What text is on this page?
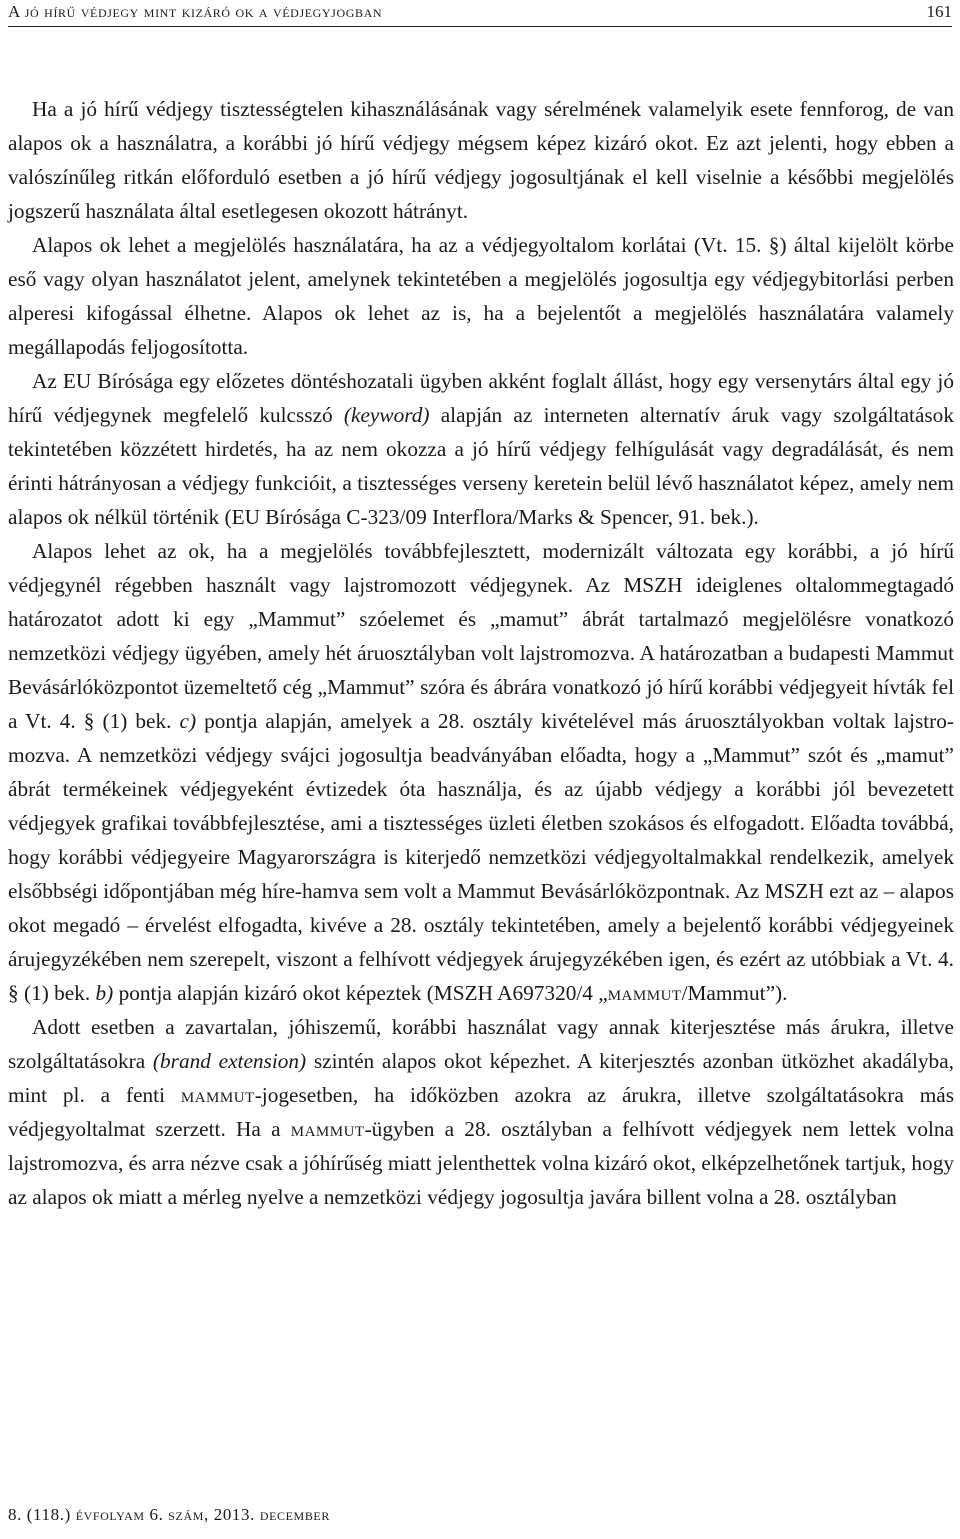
A jó hírű védjegy mint kizáró ok a védjegyjogban	161

Ha a jó hírű védjegy tisztességtelen kihasználásának vagy sérelmének valamelyik esete fennforog, de van alapos ok a használatra, a korábbi jó hírű védjegy mégsem képez kizáró okot. Ez azt jelenti, hogy ebben a valószínűleg ritkán előforduló esetben a jó hírű védjegy jogosultjának el kell viselnie a későbbi megjelölés jogszerű használata által esetlegesen okozott hátrányt.

Alapos ok lehet a megjelölés használatára, ha az a védjegyoltalom korlátai (Vt. 15. §) által kijelölt körbe eső vagy olyan használatot jelent, amelynek tekintetében a megjelölés jogosultja egy védjegybitorlási perben alperesi kifogással élhetne. Alapos ok lehet az is, ha a bejelentőt a megjelölés használatára valamely megállapodás feljogosította.

Az EU Bírósága egy előzetes döntéshozatali ügyben akként foglalt állást, hogy egy versenytárs által egy jó hírű védjegynek megfelelő kulcsszó (keyword) alapján az interneten alternatív áruk vagy szolgáltatások tekintetében közzétett hirdetés, ha az nem okozza a jó hírű védjegy felhígulását vagy degradálását, és nem érinti hátrányosan a védjegy funkcióit, a tisztességes verseny keretein belül lévő használatot képez, amely nem alapos ok nélkül történik (EU Bírósága C-323/09 Interflora/Marks & Spencer, 91. bek.).

Alapos lehet az ok, ha a megjelölés továbbfejlesztett, modernizált változata egy korábbi, a jó hírű védjegynél régebben használt vagy lajstromozott védjegynek. Az MSZH ideiglenes oltalommegtagadó határozatot adott ki egy „Mammut” szóelemet és „mamut” ábrát tartalmazó megjelölésre vonatkozó nemzetközi védjegy ügyében, amely hét áruosztályban volt lajstromozva. A határozatban a budapesti Mammut Bevásárlóközpontot üzemeltető cég „Mammut” szóra és ábrára vonatkozó jó hírű korábbi védjegyeit hívták fel a Vt. 4. § (1) bek. c) pontja alapján, amelyek a 28. osztály kivételével más áruosztályokban voltak lajstromozva. A nemzetközi védjegy svájci jogosultja beadványában előadta, hogy a „Mammut” szót és „mamut” ábrát termékeinek védjegyeként évtizedek óta használja, és az újabb védjegy a korábbi jól bevezetett védjegyek grafikai továbbfejlesztése, ami a tisztességes üzleti életben szokásos és elfogadott. Előadta továbbá, hogy korábbi védjegyeire Magyarországra is kiterjedő nemzetközi védjegyoltalmakkal rendelkezik, amelyek elsőbbségi időpontjában még híre-hamva sem volt a Mammut Bevásárlóközpontnak. Az MSZH ezt az – alapos okot megadó – érvelést elfogadta, kivéve a 28. osztály tekintetében, amely a bejelentő korábbi védjegyeinek árujegyzékében nem szerepelt, viszont a felhívott védjegyek árujegyzékében igen, és ezért az utóbbiak a Vt. 4. § (1) bek. b) pontja alapján kizáró okot képeztek (MSZH A697320/4 „mammut/Mammut”).

Adott esetben a zavartalan, jóhiszemű, korábbi használat vagy annak kiterjesztése más árukra, illetve szolgáltatásokra (brand extension) szintén alapos okot képezhet. A kiterjesztés azonban ütközhet akadályba, mint pl. a fenti mammut-jogesetben, ha időközben azokra az árukra, illetve szolgáltatásokra más védjegyoltalmat szerzett. Ha a mammut-ügyben a 28. osztályban a felhívott védjegyek nem lettek volna lajstromozva, és arra nézve csak a jóhírűség miatt jelenthettek volna kizáró okot, elképzelhetőnek tartjuk, hogy az alapos ok miatt a mérleg nyelve a nemzetközi védjegy jogosultja javára billent volna a 28. osztályban

8. (118.) évfolyam 6. szám, 2013. december
